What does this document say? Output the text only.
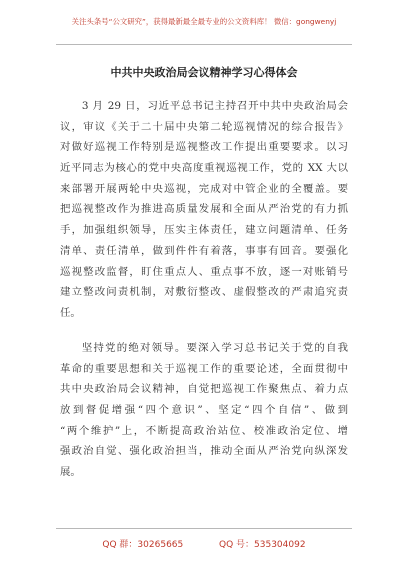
关注头条号“公文研究”，获得最新最全最专业的公文资料库！ 微信：gongwenyj
中共中央政治局会议精神学习心得体会
3 月 29 日，习近平总书记主持召开中共中央政治局会
议，审议《关于二十届中央第二轮巡视情况的综合报告》
对做好巡视工作特别是巡视整改工作提出重要要求。以习
近平同志为核心的党中央高度重视巡视工作，党的 XX 大以
来部署开展两轮中央巡视，完成对中管企业的全覆盖。要
把巡视整改作为推进高质量发展和全面从严治党的有力抓
手，加强组织领导，压实主体责任，建立问题清单、任务
清单、责任清单，做到件件有着落，事事有回音。要强化
巡视整改监督，盯住重点人、重点事不放，逐一对账销号
建立整改问责机制，对敷衍整改、虚假整改的严肃追究责
任。
坚持党的绝对领导。要深入学习总书记关于党的自我
革命的重要思想和关于巡视工作的重要论述，全面贯彻中
共中央政治局会议精神，自觉把巡视工作聚焦点、着力点
放到督促增强“四个意识”、坚定“四个自信”、做到
“两个维护”上，不断提高政治站位、校准政治定位、增
强政治自觉、强化政治担当，推动全面从严治党向纵深发
展。
QQ 群：30265665	QQ 号：535304092
